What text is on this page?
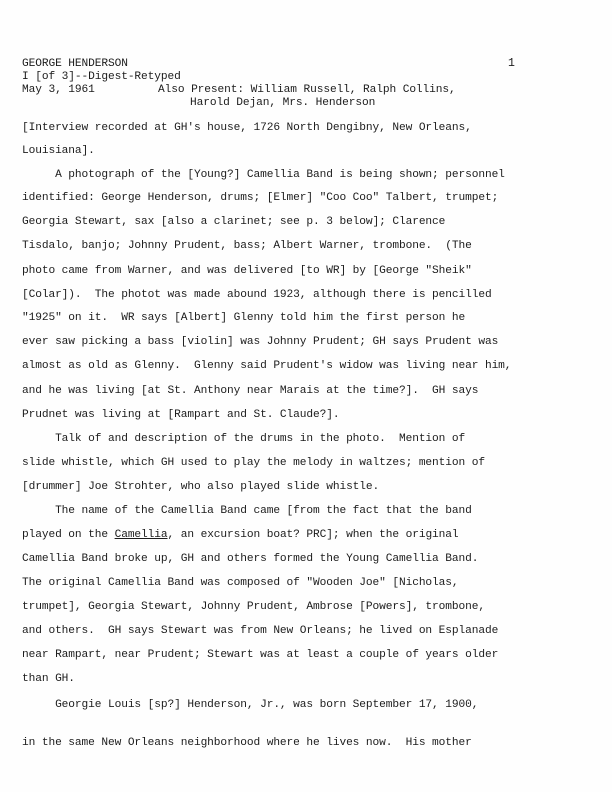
GEORGE HENDERSON	1
I [of 3]--Digest-Retyped
May 3, 1961	Also Present: William Russell, Ralph Collins,
Harold Dejan, Mrs. Henderson
[Interview recorded at GH's house, 1726 North Dengibny, New Orleans,
Louisiana].
A photograph of the [Young?] Camellia Band is being shown; personnel
identified: George Henderson, drums; [Elmer] "Coo Coo" Talbert, trumpet;
Georgia Stewart, sax [also a clarinet; see p. 3 below]; Clarence
Tisdalo, banjo; Johnny Prudent, bass; Albert Warner, trombone.  (The
photo came from Warner, and was delivered [to WR] by [George "Sheik"
[Colar]).  The photot was made abound 1923, although there is pencilled
"1925" on it.  WR says [Albert] Glenny told him the first person he
ever saw picking a bass [violin] was Johnny Prudent; GH says Prudent was
almost as old as Glenny.  Glenny said Prudent's widow was living near him,
and he was living [at St. Anthony near Marais at the time?].  GH says
Prudnet was living at [Rampart and St. Claude?].
Talk of and description of the drums in the photo.  Mention of
slide whistle, which GH used to play the melody in waltzes; mention of
[drummer] Joe Strohter, who also played slide whistle.
The name of the Camellia Band came [from the fact that the band
played on the Camellia, an excursion boat? PRC]; when the original
Camellia Band broke up, GH and others formed the Young Camellia Band.
The original Camellia Band was composed of "Wooden Joe" [Nicholas,
trumpet], Georgia Stewart, Johnny Prudent, Ambrose [Powers], trombone,
and others.  GH says Stewart was from New Orleans; he lived on Esplanade
near Rampart, near Prudent; Stewart was at least a couple of years older
than GH.
Georgie Louis [sp?] Henderson, Jr., was born September 17, 1900,
in the same New Orleans neighborhood where he lives now.  His mother
